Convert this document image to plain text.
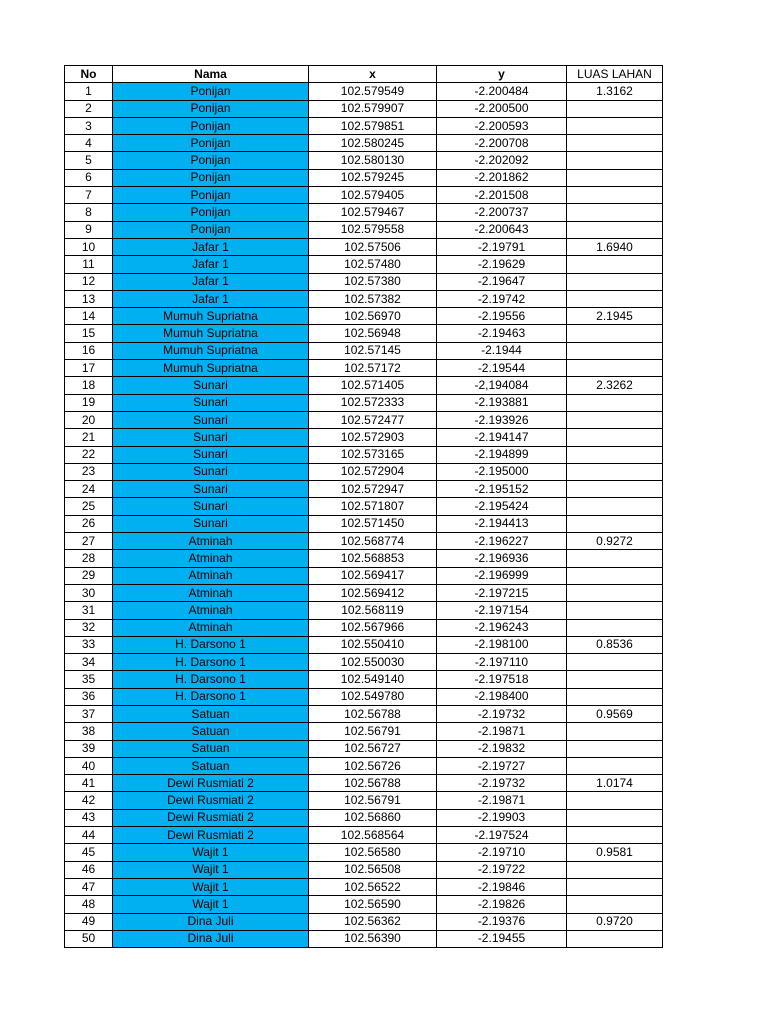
No	Nama	x	y	LUAS LAHAN
1	Ponijan	102.579549	-2.200484	1.3162
2	Ponijan	102.579907	-2.200500	
3	Ponijan	102.579851	-2.200593	
4	Ponijan	102.580245	-2.200708	
5	Ponijan	102.580130	-2.202092	
6	Ponijan	102.579245	-2.201862	
7	Ponijan	102.579405	-2.201508	
8	Ponijan	102.579467	-2.200737	
9	Ponijan	102.579558	-2.200643	
10	Jafar 1	102.57506	-2.19791	1.6940
11	Jafar 1	102.57480	-2.19629	
12	Jafar 1	102.57380	-2.19647	
13	Jafar 1	102.57382	-2.19742	
14	Mumuh Supriatna	102.56970	-2.19556	2.1945
15	Mumuh Supriatna	102.56948	-2.19463	
16	Mumuh Supriatna	102.57145	-2.1944	
17	Mumuh Supriatna	102.57172	-2.19544	
18	Sunari	102.571405	-2,194084	2.3262
19	Sunari	102.572333	-2.193881	
20	Sunari	102.572477	-2.193926	
21	Sunari	102.572903	-2.194147	
22	Sunari	102.573165	-2.194899	
23	Sunari	102.572904	-2.195000	
24	Sunari	102.572947	-2.195152	
25	Sunari	102.571807	-2.195424	
26	Sunari	102.571450	-2.194413	
27	Atminah	102.568774	-2.196227	0.9272
28	Atminah	102.568853	-2.196936	
29	Atminah	102.569417	-2.196999	
30	Atminah	102.569412	-2.197215	
31	Atminah	102.568119	-2.197154	
32	Atminah	102.567966	-2.196243	
33	H. Darsono 1	102.550410	-2.198100	0.8536
34	H. Darsono 1	102.550030	-2.197110	
35	H. Darsono 1	102.549140	-2.197518	
36	H. Darsono 1	102.549780	-2.198400	
37	Satuan	102.56788	-2.19732	0.9569
38	Satuan	102.56791	-2.19871	
39	Satuan	102.56727	-2.19832	
40	Satuan	102.56726	-2.19727	
41	Dewi Rusmiati 2	102.56788	-2.19732	1.0174
42	Dewi Rusmiati 2	102.56791	-2.19871	
43	Dewi Rusmiati 2	102.56860	-2.19903	
44	Dewi Rusmiati 2	102.568564	-2.197524	
45	Wajit 1	102.56580	-2.19710	0.9581
46	Wajit 1	102.56508	-2.19722	
47	Wajit 1	102.56522	-2.19846	
48	Wajit 1	102.56590	-2.19826	
49	Dina Juli	102.56362	-2.19376	0.9720
50	Dina Juli	102.56390	-2.19455	
